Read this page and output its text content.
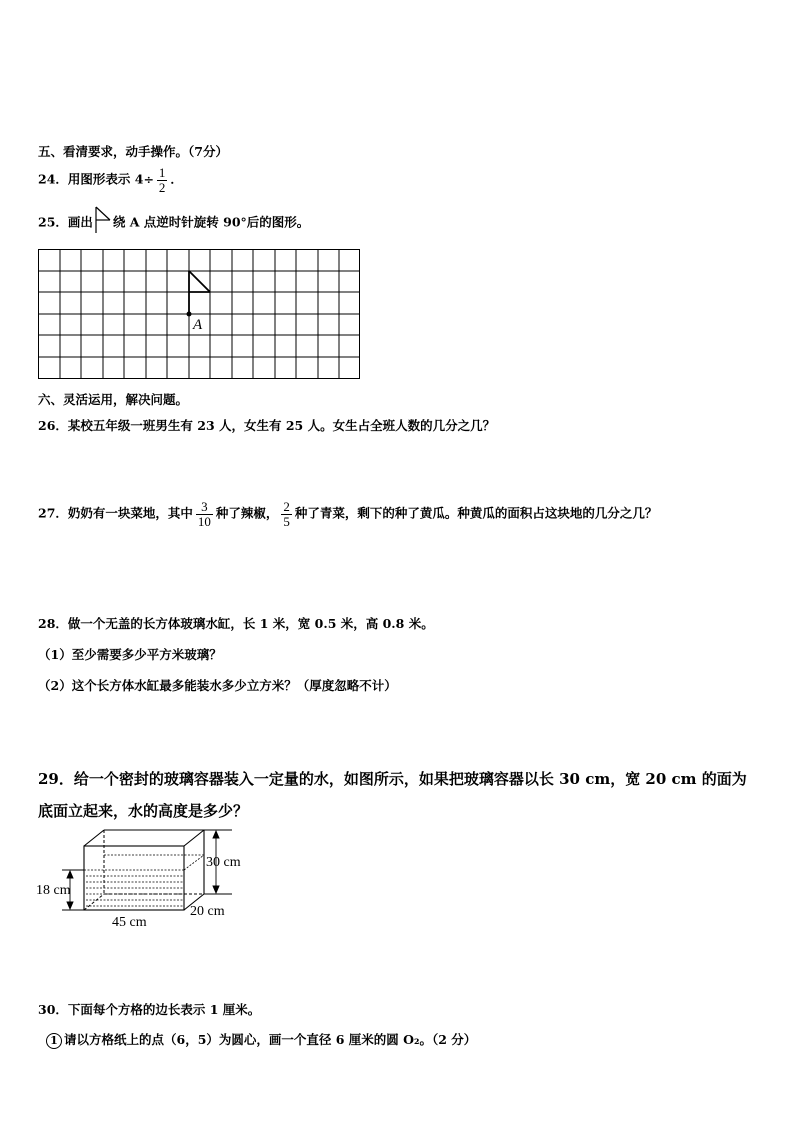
五、看清要求，动手操作。（7分）
24．用图形表示 $4\div \frac{1}{2}$ ．
25．画出 绕 A 点逆时针旋转 90°后的图形。
A
六、灵活运用，解决问题。
26．某校五年级一班男生有 23 人，女生有 25 人。女生占全班人数的几分之几？
27．奶奶有一块菜地，其中 $\frac{3}{10}$ 种了辣椒， $\frac{2}{5}$ 种了青菜，剩下的种了黄瓜。种黄瓜的面积占这块地的几分之几？
28．做一个无盖的长方体玻璃水缸，长 1 米，宽 0.5 米，高 0.8 米。
（1）至少需要多少平方米玻璃？
（2）这个长方体水缸最多能装水多少立方米？（厚度忽略不计）
29．给一个密封的玻璃容器装入一定量的水，如图所示，如果把玻璃容器以长 30 cm，宽 20 cm 的面为
底面立起来，水的高度是多少？
30 cm
18 cm
20 cm
45 cm
30．下面每个方格的边长表示 1 厘米。
1 请以方格纸上的点（6，5）为圆心，画一个直径 6 厘米的圆 O₂。（2 分）
